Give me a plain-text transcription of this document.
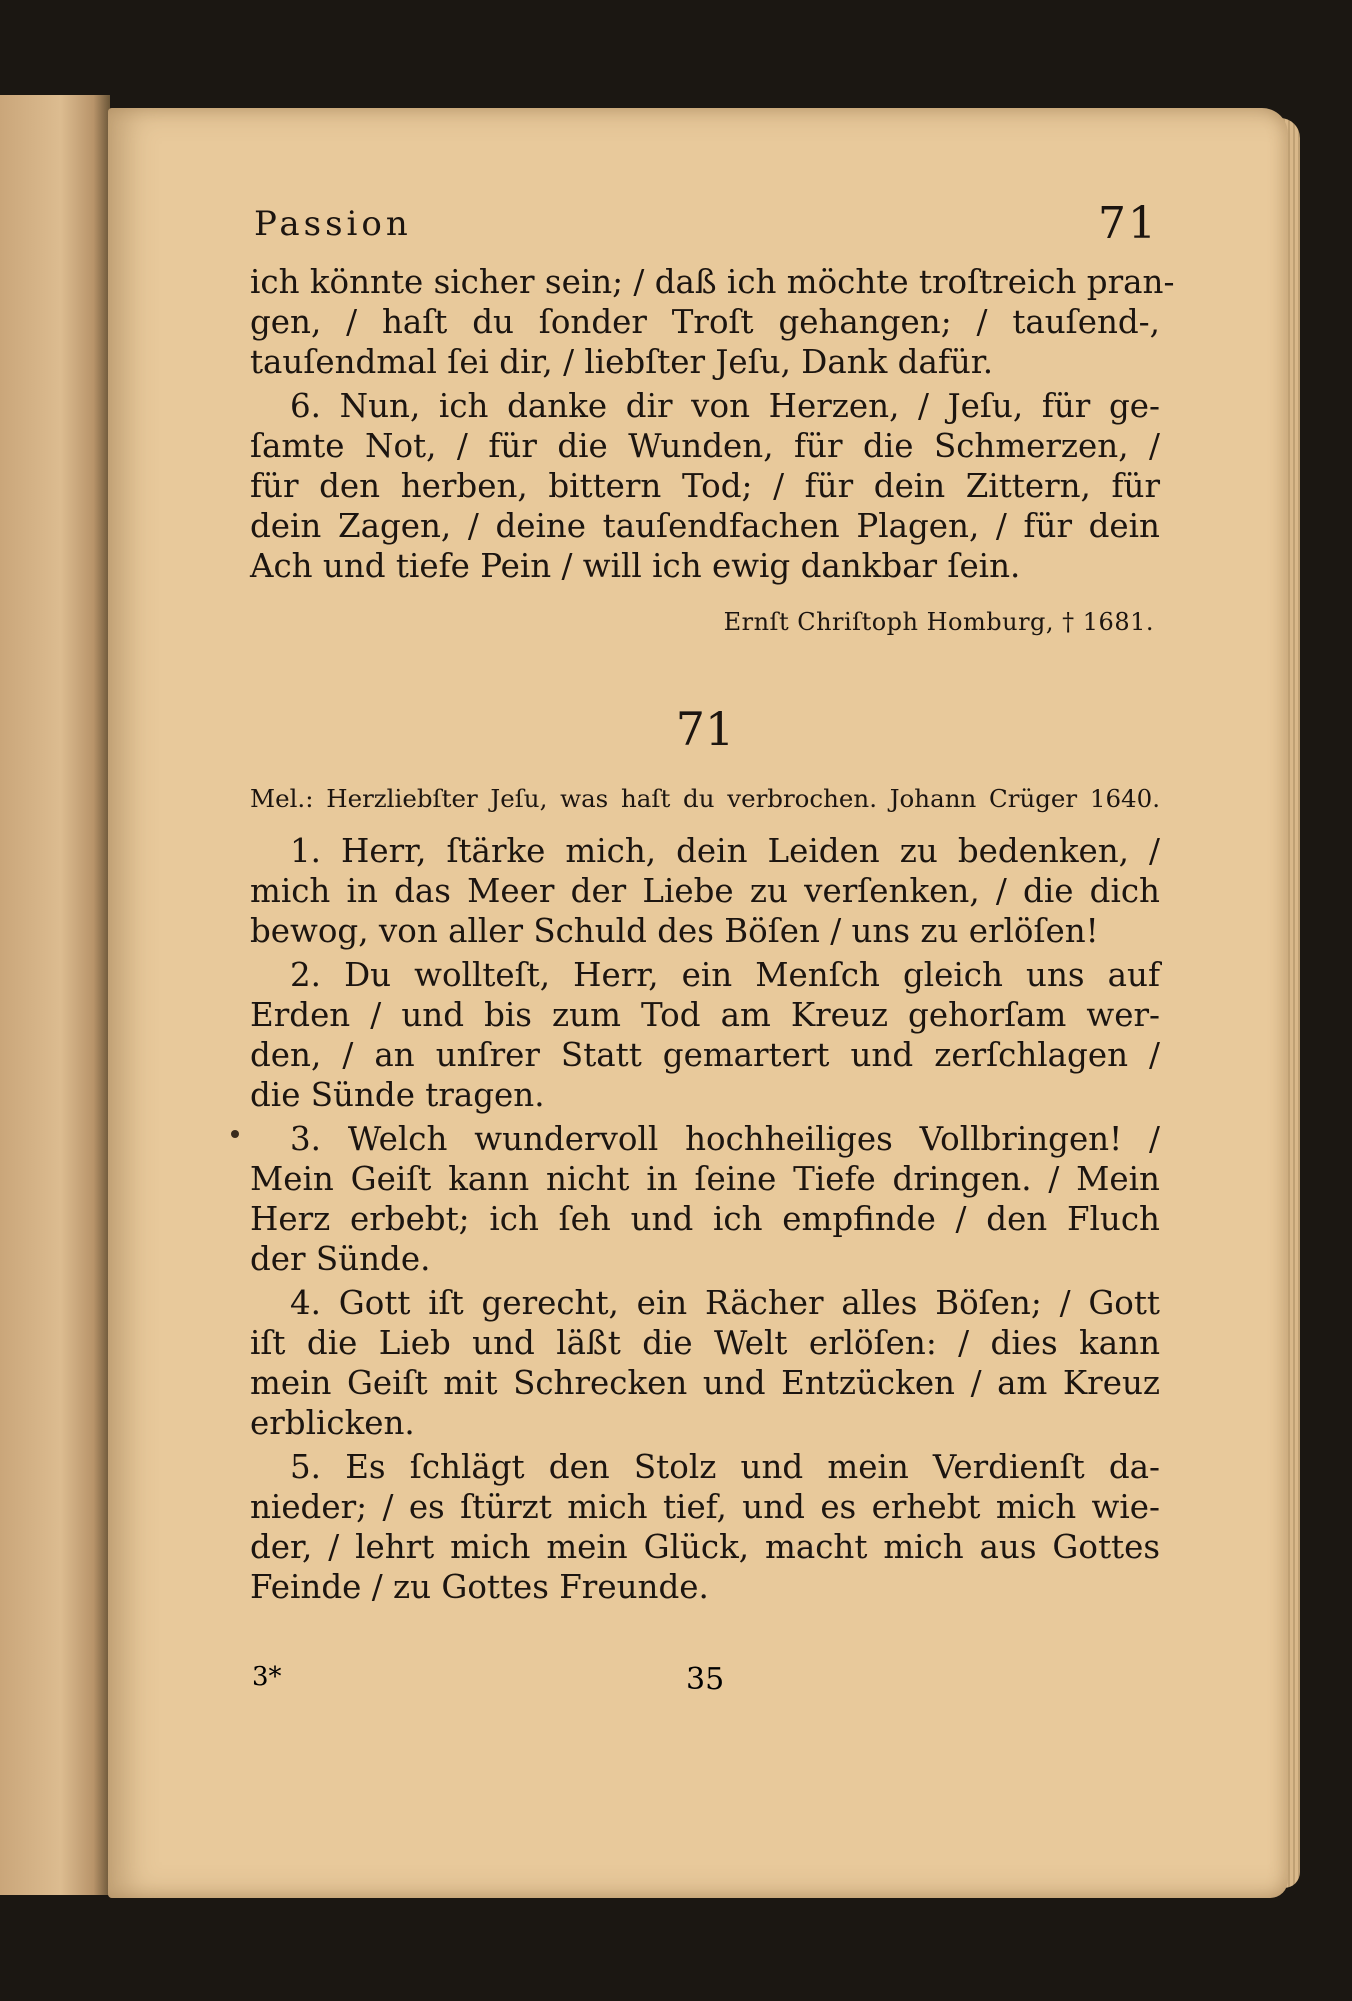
Passion	71
ich könnte sicher sein; / daß ich möchte troſtreich pran-
gen, / haſt du ſonder Troſt gehangen; / tauſend-,
tauſendmal ſei dir, / liebſter Jeſu, Dank dafür.
6. Nun, ich danke dir von Herzen, / Jeſu, für ge-
ſamte Not, / für die Wunden, für die Schmerzen, /
für den herben, bittern Tod; / für dein Zittern, für
dein Zagen, / deine tauſendfachen Plagen, / für dein
Ach und tiefe Pein / will ich ewig dankbar ſein.
Ernſt Chriſtoph Homburg, † 1681.
71
Mel.: Herzliebſter Jeſu, was haſt du verbrochen. Johann Crüger 1640.
1. Herr, ſtärke mich, dein Leiden zu bedenken, /
mich in das Meer der Liebe zu verſenken, / die dich
bewog, von aller Schuld des Böſen / uns zu erlöſen!
2. Du wollteſt, Herr, ein Menſch gleich uns auf
Erden / und bis zum Tod am Kreuz gehorſam wer-
den, / an unſrer Statt gemartert und zerſchlagen /
die Sünde tragen.
3. Welch wundervoll hochheiliges Vollbringen! /
Mein Geiſt kann nicht in ſeine Tiefe dringen. / Mein
Herz erbebt; ich ſeh und ich empfinde / den Fluch
der Sünde.
4. Gott iſt gerecht, ein Rächer alles Böſen; / Gott
iſt die Lieb und läßt die Welt erlöſen: / dies kann
mein Geiſt mit Schrecken und Entzücken / am Kreuz
erblicken.
5. Es ſchlägt den Stolz und mein Verdienſt da-
nieder; / es ſtürzt mich tief, und es erhebt mich wie-
der, / lehrt mich mein Glück, macht mich aus Gottes
Feinde / zu Gottes Freunde.
3*	35
